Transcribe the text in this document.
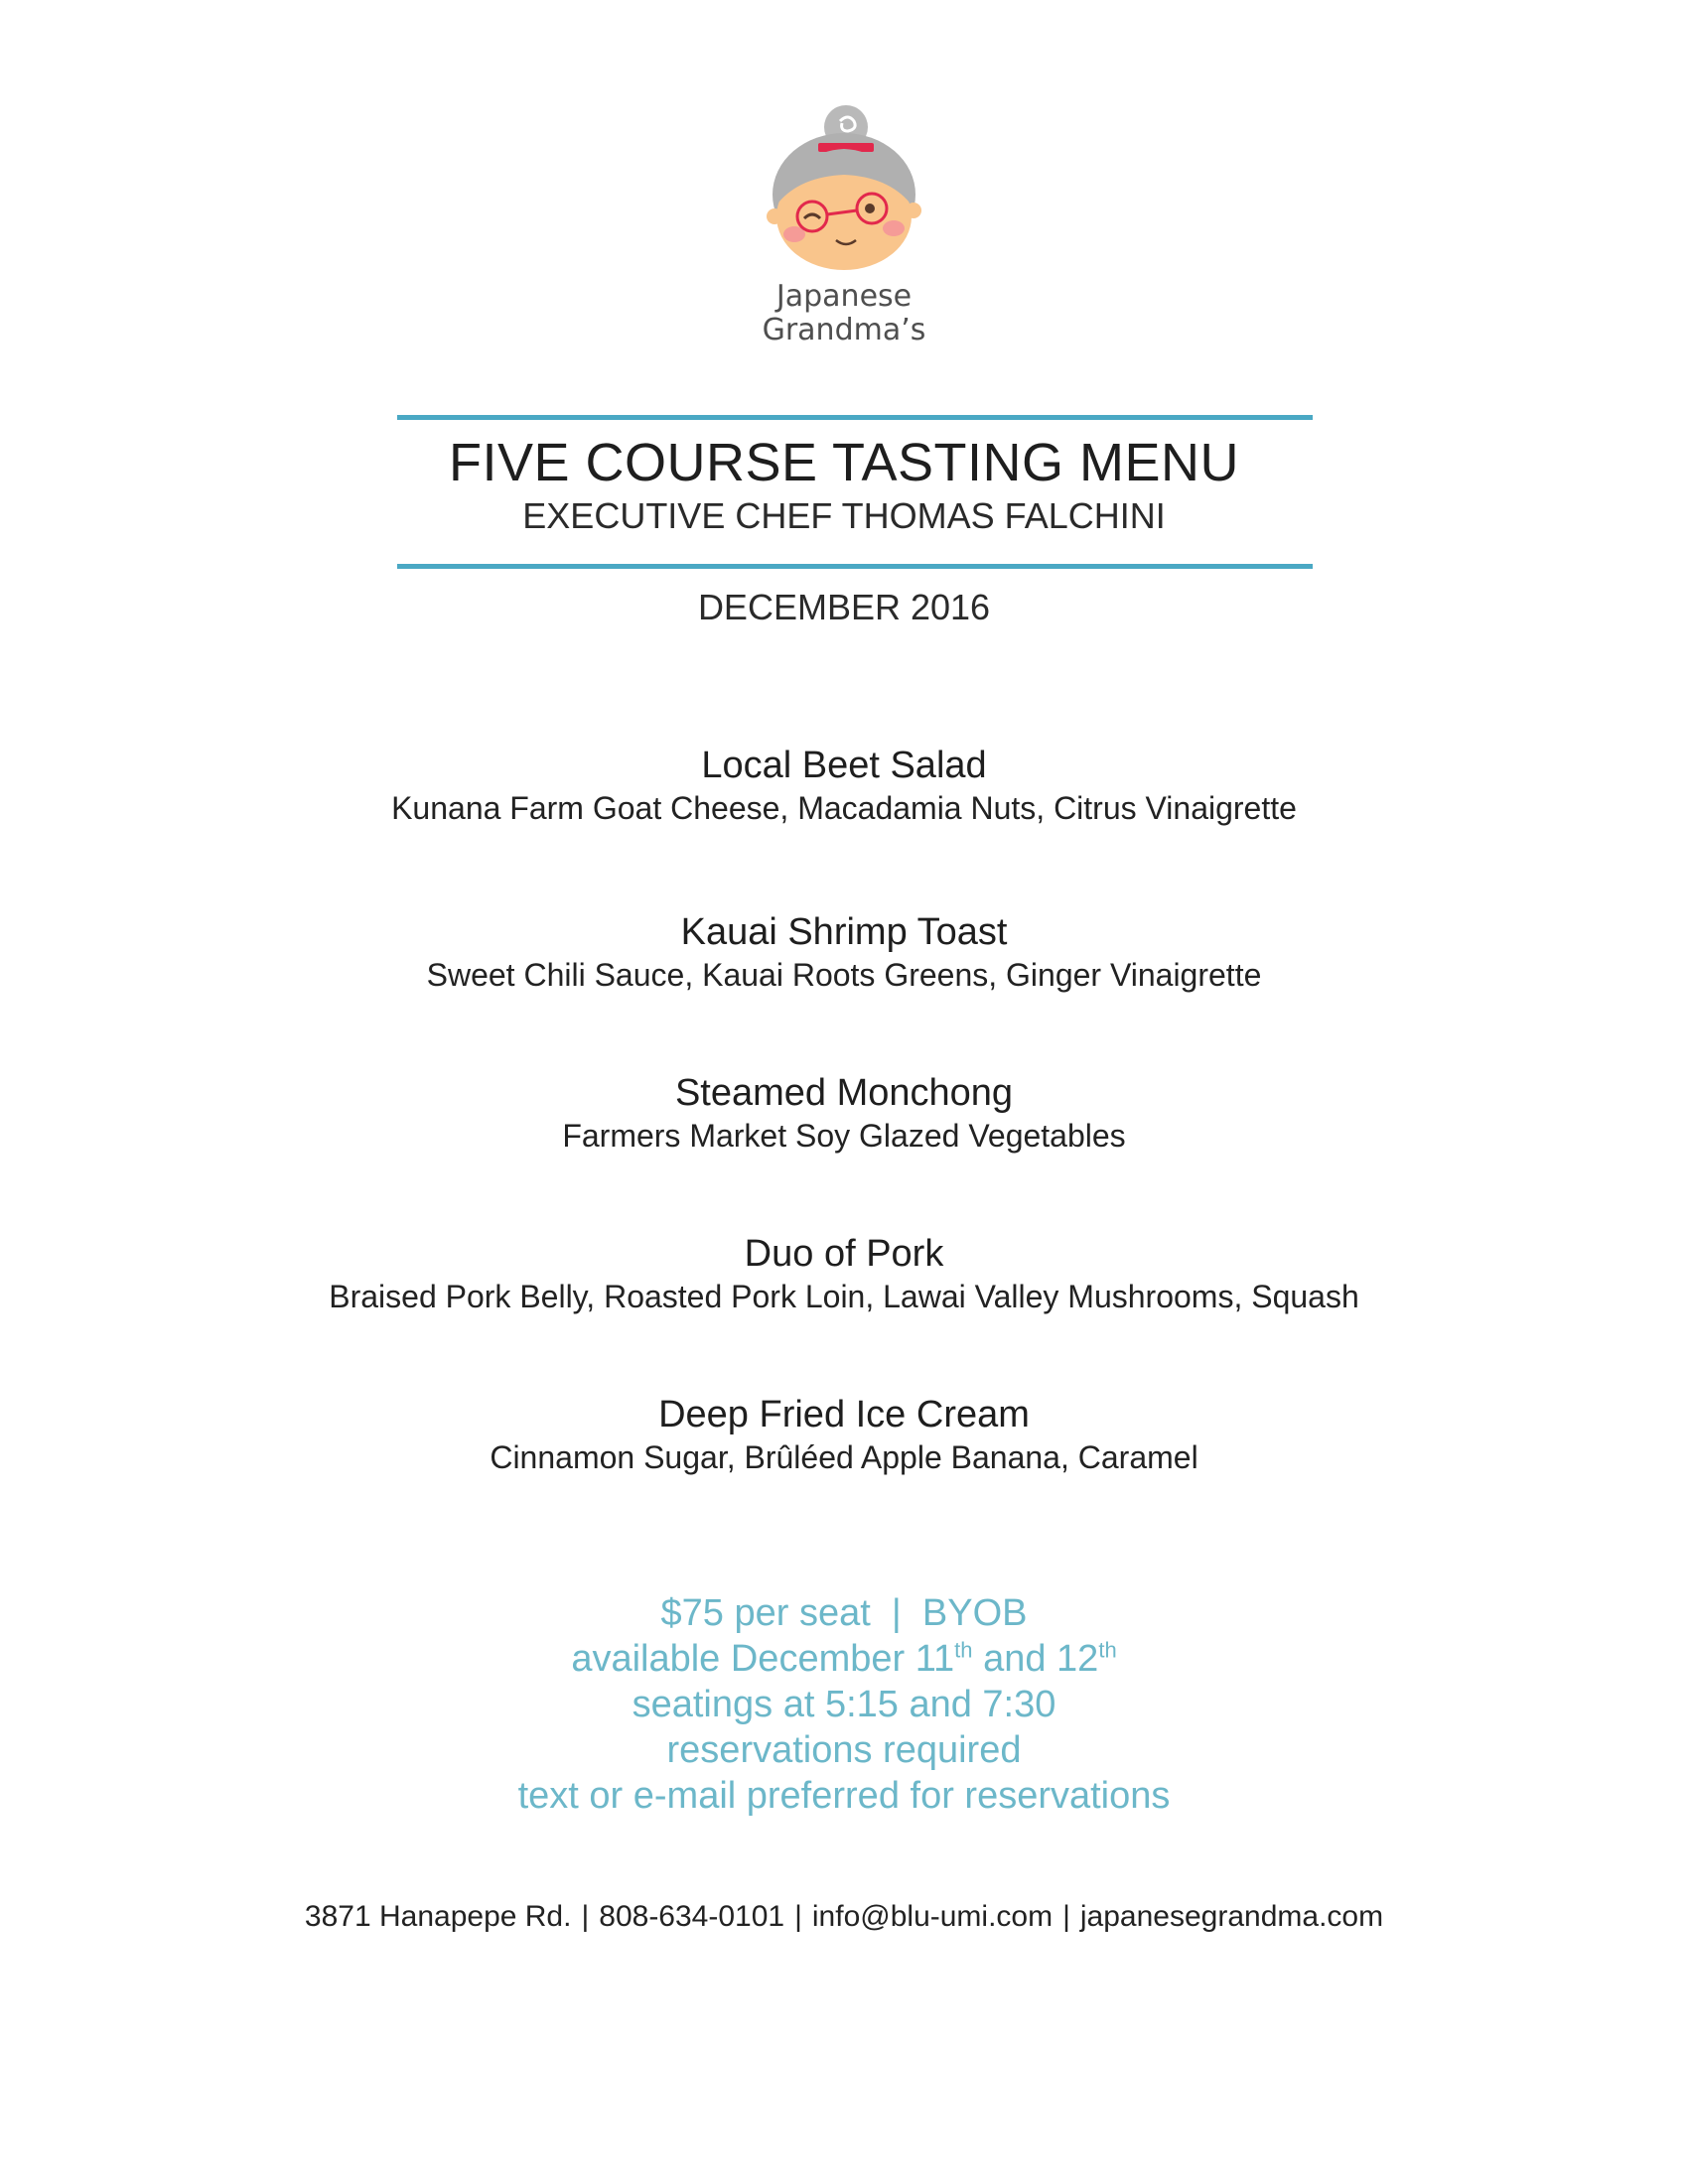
Japanese
Grandma’s
FIVE COURSE TASTING MENU
EXECUTIVE CHEF THOMAS FALCHINI
DECEMBER 2016
Local Beet Salad
Kunana Farm Goat Cheese, Macadamia Nuts, Citrus Vinaigrette
Kauai Shrimp Toast
Sweet Chili Sauce, Kauai Roots Greens, Ginger Vinaigrette
Steamed Monchong
Farmers Market Soy Glazed Vegetables
Duo of Pork
Braised Pork Belly, Roasted Pork Loin, Lawai Valley Mushrooms, Squash
Deep Fried Ice Cream
Cinnamon Sugar, Brûléed Apple Banana, Caramel
$75 per seat  |  BYOB
available December 11th and 12th
seatings at 5:15 and 7:30
reservations required
text or e-mail preferred for reservations
3871 Hanapepe Rd. | 808-634-0101 | info@blu-umi.com | japanesegrandma.com
